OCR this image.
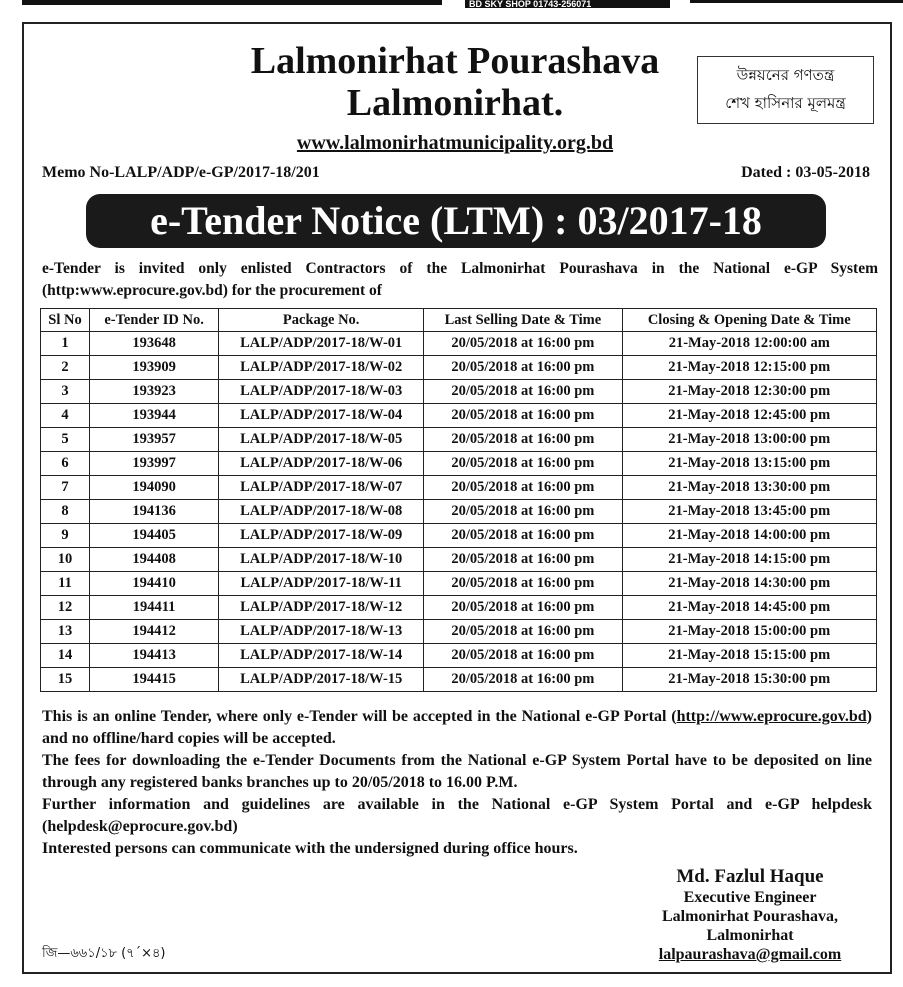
BD SKY SHOP 01743-256071
Lalmonirhat Pourashava
Lalmonirhat.
www.lalmonirhatmunicipality.org.bd
উন্নয়নের গণতন্ত্র
শেখ হাসিনার মূলমন্ত্র
Memo No-LALP/ADP/e-GP/2017-18/201	Dated : 03-05-2018
e-Tender Notice (LTM) : 03/2017-18
e-Tender is invited only enlisted Contractors of the Lalmonirhat Pourashava in the National e-GP System (http:www.eprocure.gov.bd) for the procurement of
Sl No	e-Tender ID No.	Package No.	Last Selling Date & Time	Closing & Opening Date & Time
1	193648	LALP/ADP/2017-18/W-01	20/05/2018 at 16:00 pm	21-May-2018 12:00:00 am
2	193909	LALP/ADP/2017-18/W-02	20/05/2018 at 16:00 pm	21-May-2018 12:15:00 pm
3	193923	LALP/ADP/2017-18/W-03	20/05/2018 at 16:00 pm	21-May-2018 12:30:00 pm
4	193944	LALP/ADP/2017-18/W-04	20/05/2018 at 16:00 pm	21-May-2018 12:45:00 pm
5	193957	LALP/ADP/2017-18/W-05	20/05/2018 at 16:00 pm	21-May-2018 13:00:00 pm
6	193997	LALP/ADP/2017-18/W-06	20/05/2018 at 16:00 pm	21-May-2018 13:15:00 pm
7	194090	LALP/ADP/2017-18/W-07	20/05/2018 at 16:00 pm	21-May-2018 13:30:00 pm
8	194136	LALP/ADP/2017-18/W-08	20/05/2018 at 16:00 pm	21-May-2018 13:45:00 pm
9	194405	LALP/ADP/2017-18/W-09	20/05/2018 at 16:00 pm	21-May-2018 14:00:00 pm
10	194408	LALP/ADP/2017-18/W-10	20/05/2018 at 16:00 pm	21-May-2018 14:15:00 pm
11	194410	LALP/ADP/2017-18/W-11	20/05/2018 at 16:00 pm	21-May-2018 14:30:00 pm
12	194411	LALP/ADP/2017-18/W-12	20/05/2018 at 16:00 pm	21-May-2018 14:45:00 pm
13	194412	LALP/ADP/2017-18/W-13	20/05/2018 at 16:00 pm	21-May-2018 15:00:00 pm
14	194413	LALP/ADP/2017-18/W-14	20/05/2018 at 16:00 pm	21-May-2018 15:15:00 pm
15	194415	LALP/ADP/2017-18/W-15	20/05/2018 at 16:00 pm	21-May-2018 15:30:00 pm

This is an online Tender, where only e-Tender will be accepted in the National e-GP Portal (http://www.eprocure.gov.bd) and no offline/hard copies will be accepted.

The fees for downloading the e-Tender Documents from the National e-GP System Portal have to be deposited on line through any registered banks branches up to 20/05/2018 to 16.00 P.M.

Further information and guidelines are available in the National e-GP System Portal and e-GP helpdesk (helpdesk@eprocure.gov.bd)

Interested persons can communicate with the undersigned during office hours.

Md. Fazlul Haque
Executive Engineer
Lalmonirhat Pourashava,
Lalmonirhat
lalpaurashava@gmail.com
জি—৬৬১/১৮ (৭´×৪)
